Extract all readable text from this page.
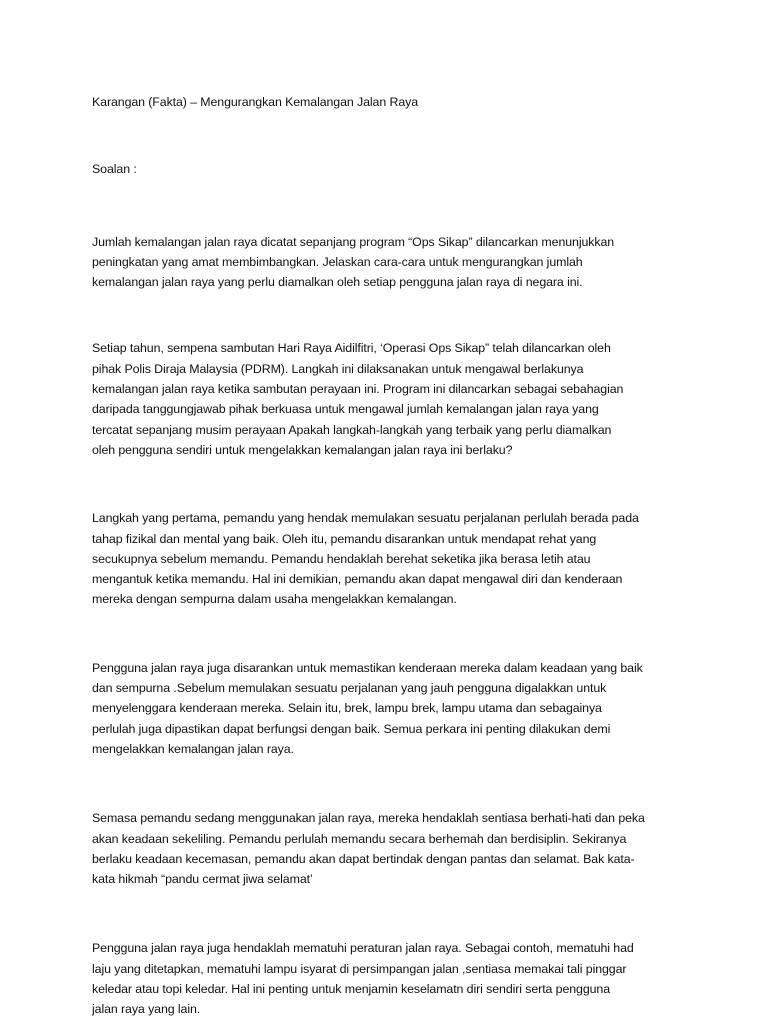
Karangan (Fakta) – Mengurangkan Kemalangan Jalan Raya
Soalan :
Jumlah kemalangan jalan raya dicatat sepanjang program “Ops Sikap” dilancarkan menunjukkan
peningkatan yang amat membimbangkan. Jelaskan cara-cara untuk mengurangkan jumlah
kemalangan jalan raya yang perlu diamalkan oleh setiap pengguna jalan raya di negara ini.
Setiap tahun, sempena sambutan Hari Raya Aidilfitri, ‘Operasi Ops Sikap” telah dilancarkan oleh
pihak Polis Diraja Malaysia (PDRM). Langkah ini dilaksanakan untuk mengawal berlakunya
kemalangan jalan raya ketika sambutan perayaan ini. Program ini dilancarkan sebagai sebahagian
daripada tanggungjawab pihak berkuasa untuk mengawal jumlah kemalangan jalan raya yang
tercatat sepanjang musim perayaan Apakah langkah-langkah yang terbaik yang perlu diamalkan
oleh pengguna sendiri untuk mengelakkan kemalangan jalan raya ini berlaku?
Langkah yang pertama, pemandu yang hendak memulakan sesuatu perjalanan perlulah berada pada
tahap fizikal dan mental yang baik. Oleh itu, pemandu disarankan untuk mendapat rehat yang
secukupnya sebelum memandu. Pemandu hendaklah berehat seketika jika berasa letih atau
mengantuk ketika memandu. Hal ini demikian, pemandu akan dapat mengawal diri dan kenderaan
mereka dengan sempurna dalam usaha mengelakkan kemalangan.
Pengguna jalan raya juga disarankan untuk memastikan kenderaan mereka dalam keadaan yang baik
dan sempurna .Sebelum memulakan sesuatu perjalanan yang jauh pengguna digalakkan untuk
menyelenggara kenderaan mereka. Selain itu, brek, lampu brek, lampu utama dan sebagainya
perlulah juga dipastikan dapat berfungsi dengan baik. Semua perkara ini penting dilakukan demi
mengelakkan kemalangan jalan raya.
Semasa pemandu sedang menggunakan jalan raya, mereka hendaklah sentiasa berhati-hati dan peka
akan keadaan sekeliling. Pemandu perlulah memandu secara berhemah dan berdisiplin. Sekiranya
berlaku keadaan kecemasan, pemandu akan dapat bertindak dengan pantas dan selamat. Bak kata-
kata hikmah “pandu cermat jiwa selamat’
Pengguna jalan raya juga hendaklah mematuhi peraturan jalan raya. Sebagai contoh, mematuhi had
laju yang ditetapkan, mematuhi lampu isyarat di persimpangan jalan ,sentiasa memakai tali pinggar
keledar atau topi keledar. Hal ini penting untuk menjamin keselamatn diri sendiri serta pengguna
jalan raya yang lain.
